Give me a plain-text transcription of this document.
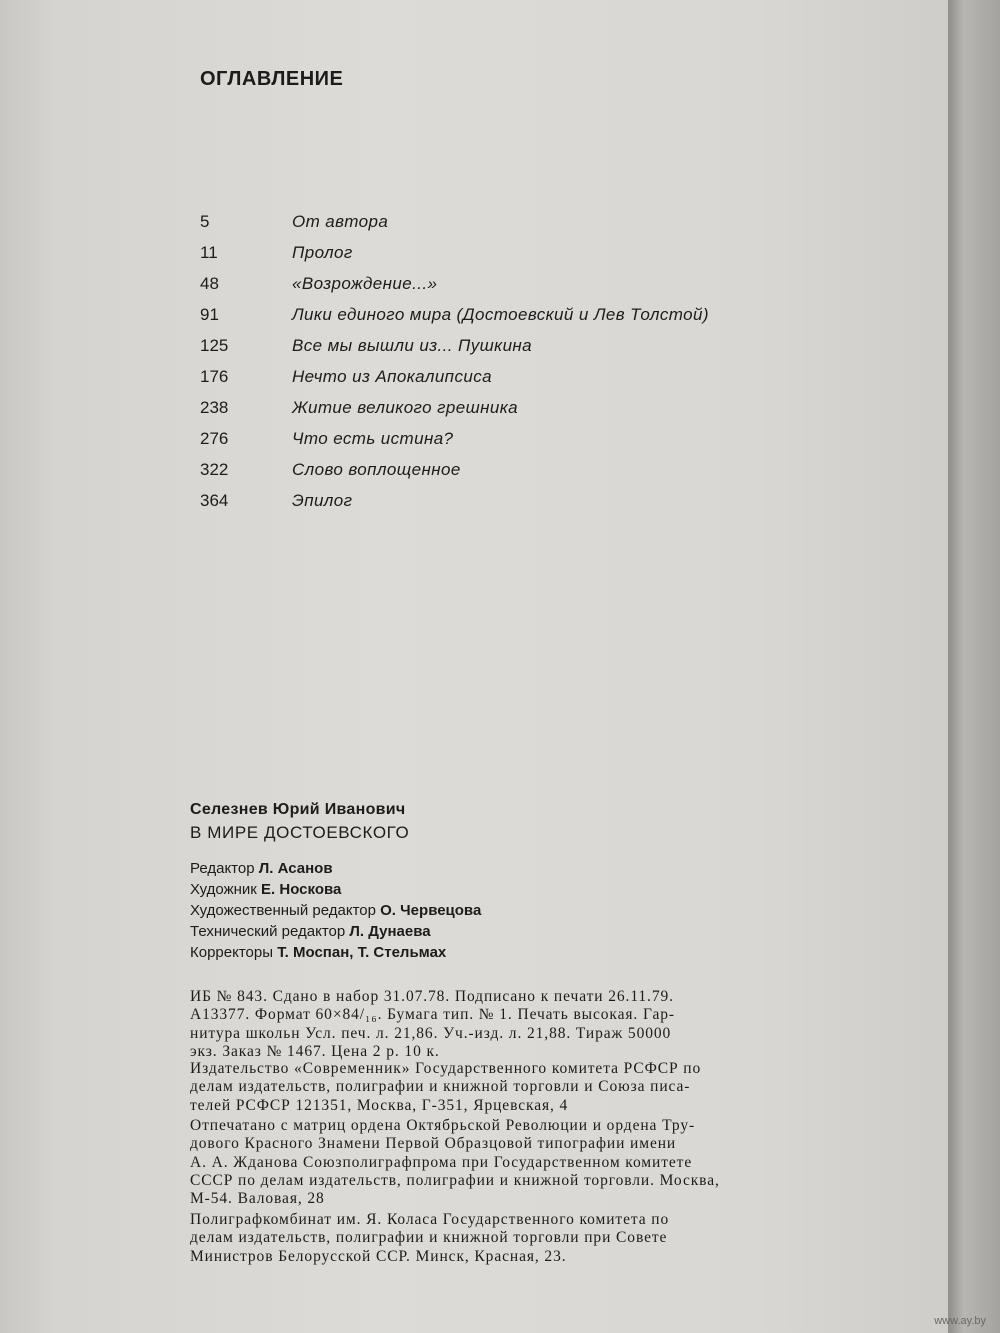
ОГЛАВЛЕНИЕ
5	От автора
11	Пролог
48	«Возрождение...»
91	Лики единого мира (Достоевский и Лев Толстой)
125	Все мы вышли из... Пушкина
176	Нечто из Апокалипсиса
238	Житие великого грешника
276	Что есть истина?
322	Слово воплощенное
364	Эпилог
Селезнев Юрий Иванович
В МИРЕ ДОСТОЕВСКОГО
Редактор Л. Асанов
Художник Е. Носкова
Художественный редактор О. Червецова
Технический редактор Л. Дунаева
Корректоры Т. Моспан, Т. Стельмах

ИБ № 843. Сдано в набор 31.07.78. Подписано к печати 26.11.79.
А13377. Формат 60×84/₁₆. Бумага тип. № 1. Печать высокая. Гар-
нитура школьн Усл. печ. л. 21,86. Уч.-изд. л. 21,88. Тираж 50000
экз. Заказ № 1467. Цена 2 р. 10 к.

Издательство «Современник» Государственного комитета РСФСР по
делам издательств, полиграфии и книжной торговли и Союза писа-
телей РСФСР 121351, Москва, Г-351, Ярцевская, 4

Отпечатано с матриц ордена Октябрьской Революции и ордена Тру-
дового Красного Знамени Первой Образцовой типографии имени
А. А. Жданова Союзполиграфпрома при Государственном комитете
СССР по делам издательств, полиграфии и книжной торговли. Москва,
М-54. Валовая, 28

Полиграфкомбинат им. Я. Коласа Государственного комитета по
делам издательств, полиграфии и книжной торговли при Совете
Министров Белорусской ССР. Минск, Красная, 23.

www.ay.by
